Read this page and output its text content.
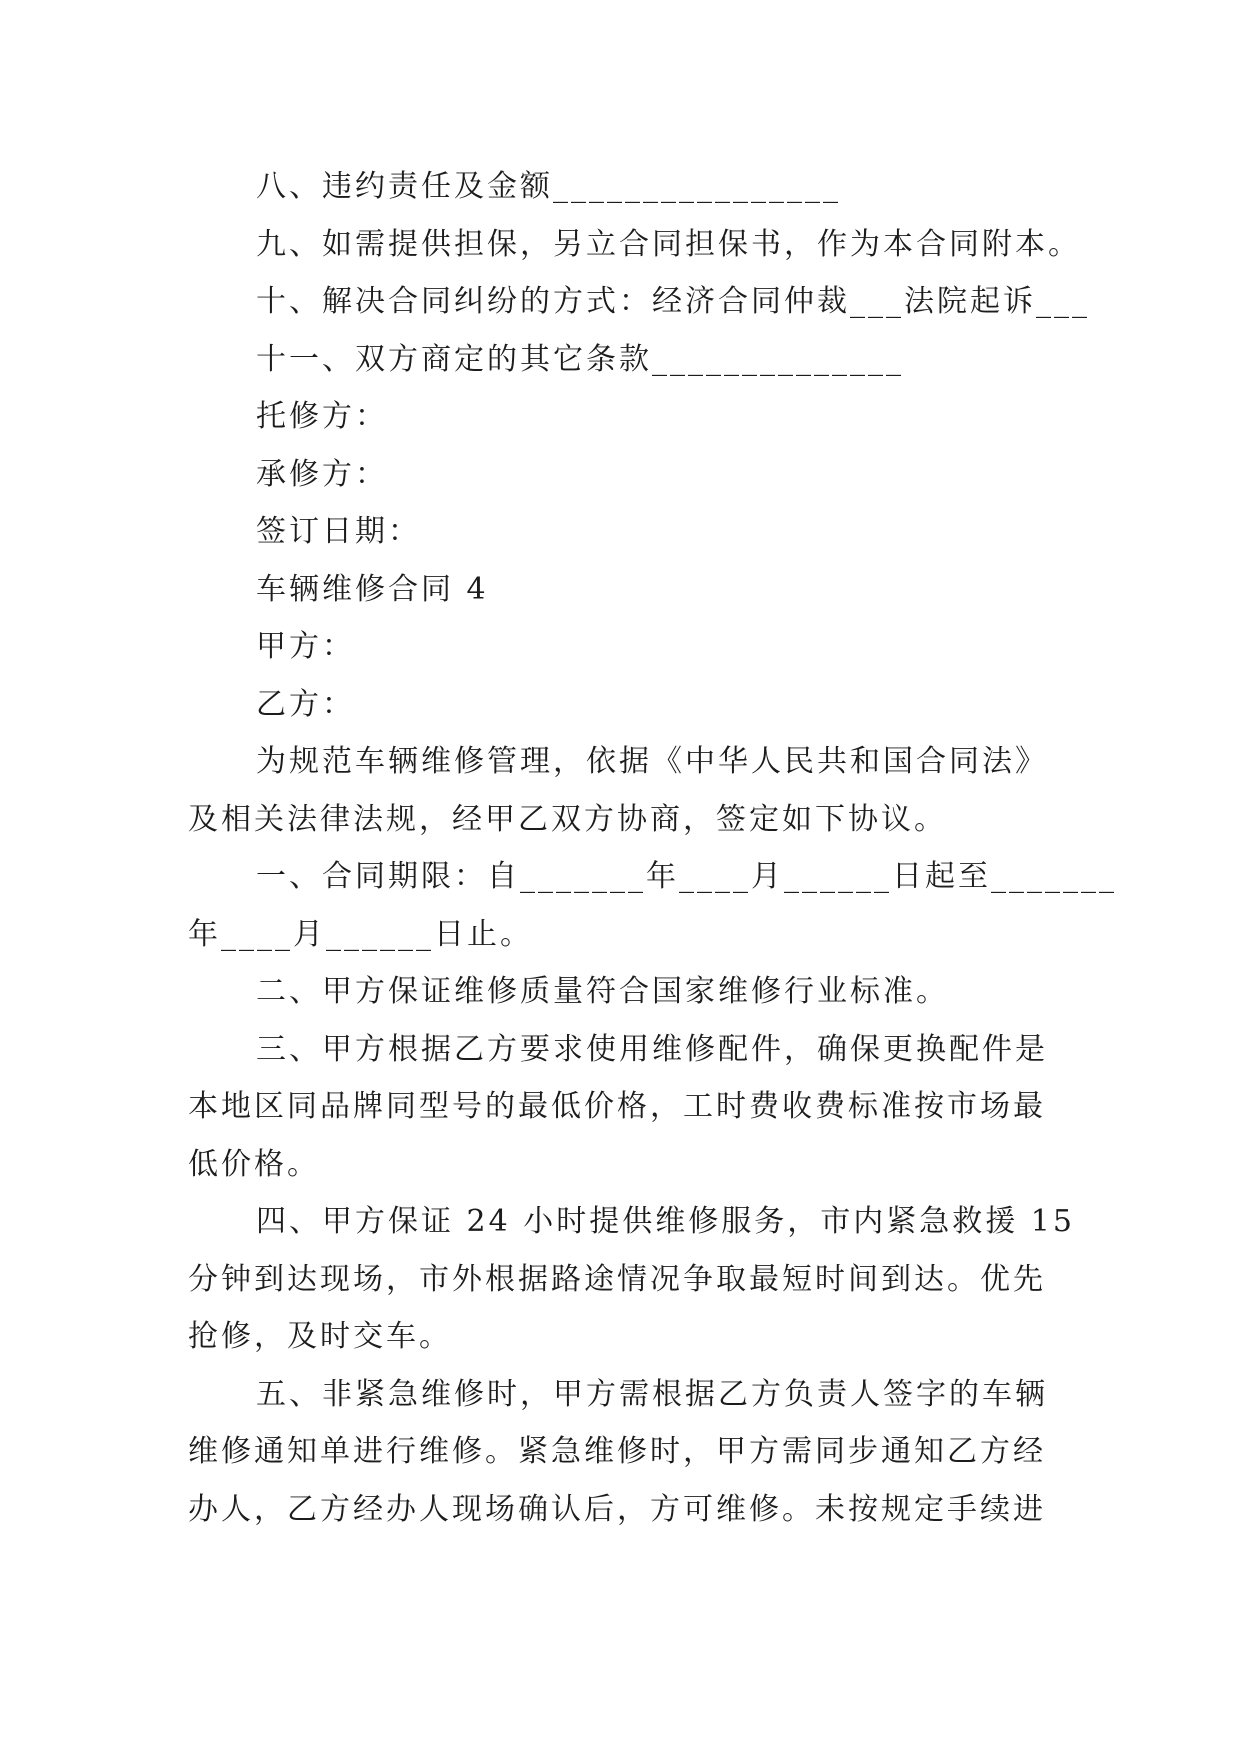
八、违约责任及金额________________
九、如需提供担保，另立合同担保书，作为本合同附本。
十、解决合同纠纷的方式：经济合同仲裁___法院起诉___
十一、双方商定的其它条款______________
托修方：
承修方：
签订日期：
车辆维修合同 4
甲方：
乙方：
为规范车辆维修管理，依据《中华人民共和国合同法》
及相关法律法规，经甲乙双方协商，签定如下协议。
一、合同期限：自_______年____月______日起至_______
年____月______日止。
二、甲方保证维修质量符合国家维修行业标准。
三、甲方根据乙方要求使用维修配件，确保更换配件是
本地区同品牌同型号的最低价格，工时费收费标准按市场最
低价格。
四、甲方保证 24 小时提供维修服务，市内紧急救援 15
分钟到达现场，市外根据路途情况争取最短时间到达。优先
抢修，及时交车。
五、非紧急维修时，甲方需根据乙方负责人签字的车辆
维修通知单进行维修。紧急维修时，甲方需同步通知乙方经
办人，乙方经办人现场确认后，方可维修。未按规定手续进
